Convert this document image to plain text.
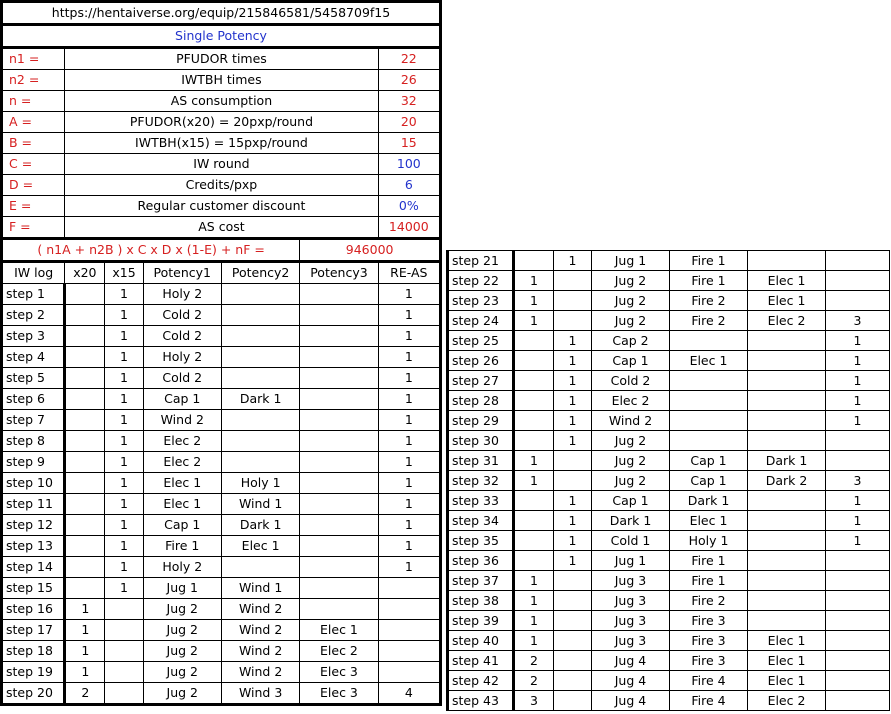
https://hentaiverse.org/equip/215846581/5458709f15						
Single Potency						
n1 =	PFUDOR times					22
n2 =	IWTBH times					26
n =	AS consumption					32
A =	PFUDOR(x20) = 20pxp/round					20
B =	IWTBH(x15) = 15pxp/round					15
C =	IW round					100
D =	Credits/pxp					6
E =	Regular customer discount					0%
F =	AS cost					14000
( n1A + n2B ) x C x D x (1-E) + nF =					946000	
IW log	x20	x15	Potency1	Potency2	Potency3	RE-AS
step 1		1	Holy 2			1
step 2		1	Cold 2			1
step 3		1	Cold 2			1
step 4		1	Holy 2			1
step 5		1	Cold 2			1
step 6		1	Cap 1	Dark 1		1
step 7		1	Wind 2			1
step 8		1	Elec 2			1
step 9		1	Elec 2			1
step 10		1	Elec 1	Holy 1		1
step 11		1	Elec 1	Wind 1		1
step 12		1	Cap 1	Dark 1		1
step 13		1	Fire 1	Elec 1		1
step 14		1	Holy 2			1
step 15		1	Jug 1	Wind 1		
step 16	1		Jug 2	Wind 2		
step 17	1		Jug 2	Wind 2	Elec 1	
step 18	1		Jug 2	Wind 2	Elec 2	
step 19	1		Jug 2	Wind 2	Elec 3	
step 20	2		Jug 2	Wind 3	Elec 3	4
step 21		1	Jug 1	Fire 1		
step 22	1		Jug 2	Fire 1	Elec 1	
step 23	1		Jug 2	Fire 2	Elec 1	
step 24	1		Jug 2	Fire 2	Elec 2	3
step 25		1	Cap 2			1
step 26		1	Cap 1	Elec 1		1
step 27		1	Cold 2			1
step 28		1	Elec 2			1
step 29		1	Wind 2			1
step 30		1	Jug 2			
step 31	1		Jug 2	Cap 1	Dark 1	
step 32	1		Jug 2	Cap 1	Dark 2	3
step 33		1	Cap 1	Dark 1		1
step 34		1	Dark 1	Elec 1		1
step 35		1	Cold 1	Holy 1		1
step 36		1	Jug 1	Fire 1		
step 37	1		Jug 3	Fire 1		
step 38	1		Jug 3	Fire 2		
step 39	1		Jug 3	Fire 3		
step 40	1		Jug 3	Fire 3	Elec 1	
step 41	2		Jug 4	Fire 3	Elec 1	
step 42	2		Jug 4	Fire 4	Elec 1	
step 43	3		Jug 4	Fire 4	Elec 2	
